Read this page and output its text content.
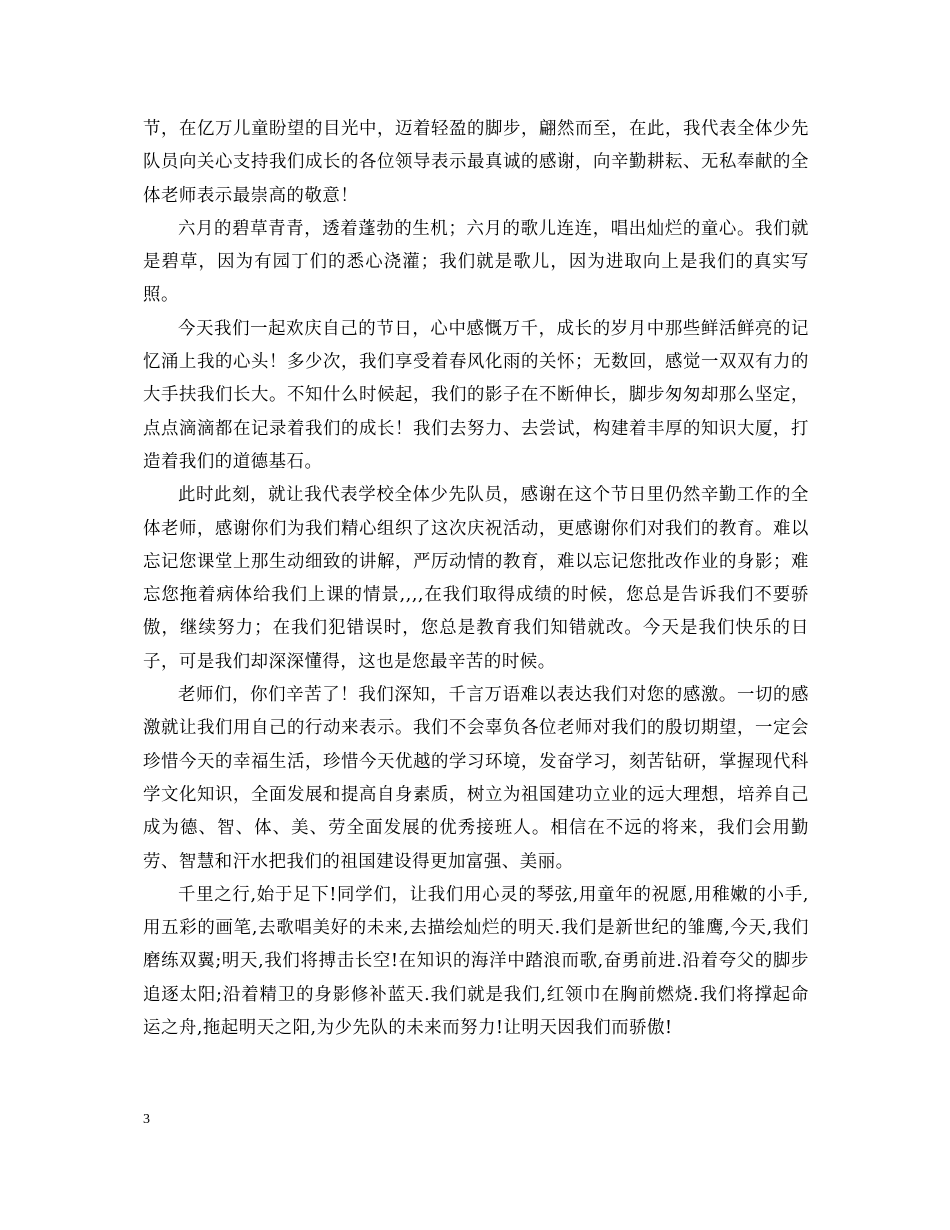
节，在亿万儿童盼望的目光中，迈着轻盈的脚步，翩然而至，在此，我代表全体少先队员向关心支持我们成长的各位领导表示最真诚的感谢，向辛勤耕耘、无私奉献的全体老师表示最崇高的敬意！

六月的碧草青青，透着蓬勃的生机；六月的歌儿连连，唱出灿烂的童心。我们就是碧草，因为有园丁们的悉心浇灌；我们就是歌儿，因为进取向上是我们的真实写照。

今天我们一起欢庆自己的节日，心中感慨万千，成长的岁月中那些鲜活鲜亮的记忆涌上我的心头！多少次，我们享受着春风化雨的关怀；无数回，感觉一双双有力的大手扶我们长大。不知什么时候起，我们的影子在不断伸长，脚步匆匆却那么坚定，点点滴滴都在记录着我们的成长！我们去努力、去尝试，构建着丰厚的知识大厦，打造着我们的道德基石。

此时此刻，就让我代表学校全体少先队员，感谢在这个节日里仍然辛勤工作的全体老师，感谢你们为我们精心组织了这次庆祝活动，更感谢你们对我们的教育。难以忘记您课堂上那生动细致的讲解，严厉动情的教育，难以忘记您批改作业的身影；难忘您拖着病体给我们上课的情景,,,,在我们取得成绩的时候，您总是告诉我们不要骄傲，继续努力；在我们犯错误时，您总是教育我们知错就改。今天是我们快乐的日子，可是我们却深深懂得，这也是您最辛苦的时候。

老师们，你们辛苦了！我们深知，千言万语难以表达我们对您的感激。一切的感激就让我们用自己的行动来表示。我们不会辜负各位老师对我们的殷切期望，一定会珍惜今天的幸福生活，珍惜今天优越的学习环境，发奋学习，刻苦钻研，掌握现代科学文化知识，全面发展和提高自身素质，树立为祖国建功立业的远大理想，培养自己成为德、智、体、美、劳全面发展的优秀接班人。相信在不远的将来，我们会用勤劳、智慧和汗水把我们的祖国建设得更加富强、美丽。

千里之行,始于足下!同学们，让我们用心灵的琴弦,用童年的祝愿,用稚嫩的小手,用五彩的画笔,去歌唱美好的未来,去描绘灿烂的明天.我们是新世纪的雏鹰,今天,我们磨练双翼;明天,我们将搏击长空!在知识的海洋中踏浪而歌,奋勇前进.沿着夸父的脚步追逐太阳;沿着精卫的身影修补蓝天.我们就是我们,红领巾在胸前燃烧.我们将撑起命运之舟,拖起明天之阳,为少先队的未来而努力!让明天因我们而骄傲!

3
